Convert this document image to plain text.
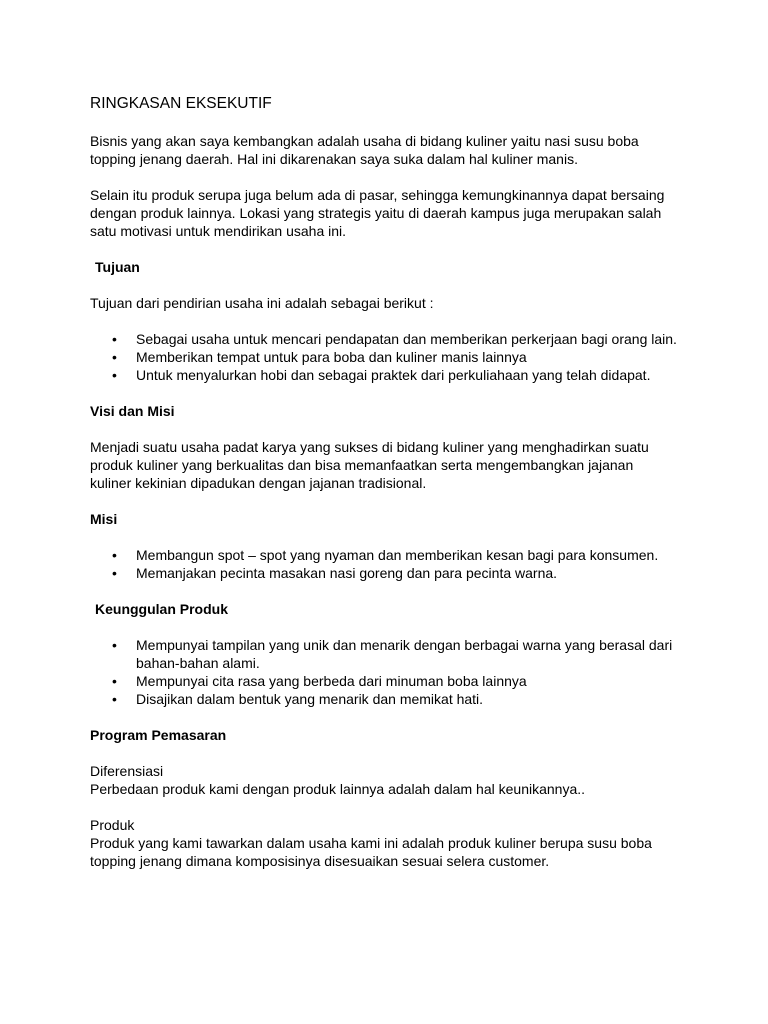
RINGKASAN EKSEKUTIF

Bisnis yang akan saya kembangkan adalah usaha di bidang kuliner yaitu nasi susu boba topping jenang daerah. Hal ini dikarenakan saya suka dalam hal kuliner manis.

Selain itu produk serupa juga belum ada di pasar, sehingga kemungkinannya dapat bersaing dengan produk lainnya. Lokasi yang strategis yaitu di daerah kampus juga merupakan salah satu motivasi untuk mendirikan usaha ini.

Tujuan

Tujuan dari pendirian usaha ini adalah sebagai berikut :

• Sebagai usaha untuk mencari pendapatan dan memberikan perkerjaan bagi orang lain.
• Memberikan tempat untuk para boba dan kuliner manis lainnya
• Untuk menyalurkan hobi dan sebagai praktek dari perkuliahaan yang telah didapat.
Visi dan Misi

Menjadi suatu usaha padat karya yang sukses di bidang kuliner yang menghadirkan suatu produk kuliner yang berkualitas dan bisa memanfaatkan serta mengembangkan jajanan kuliner kekinian dipadukan dengan jajanan tradisional.

Misi
• Membangun spot – spot yang nyaman dan memberikan kesan bagi para konsumen.
• Memanjakan pecinta masakan nasi goreng dan para pecinta warna.
Keunggulan Produk
• Mempunyai tampilan yang unik dan menarik dengan berbagai warna yang berasal dari bahan-bahan alami.
• Mempunyai cita rasa yang berbeda dari minuman boba lainnya
• Disajikan dalam bentuk yang menarik dan memikat hati.
Program Pemasaran
Diferensiasi
Perbedaan produk kami dengan produk lainnya adalah dalam hal keunikannya..
Produk
Produk yang kami tawarkan dalam usaha kami ini adalah produk kuliner berupa susu boba topping jenang dimana komposisinya disesuaikan sesuai selera customer.
